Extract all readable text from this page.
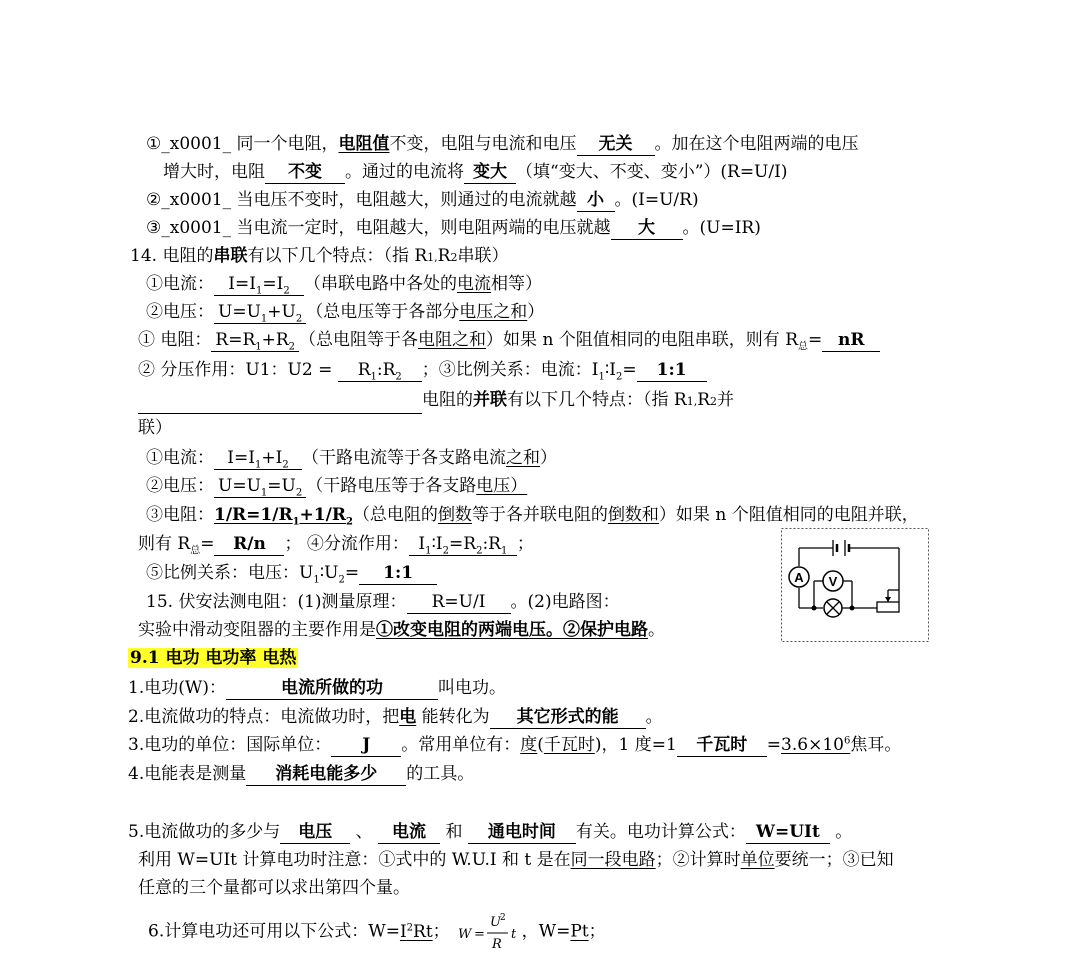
①_x0001_ 同一个电阻，电阻值不变，电阻与电流和电压 无关 。加在这个电阻两端的电压
增大时，电阻 不变 。通过的电流将 变大 （填“变大、不变、变小”）(R=U/I)
②_x0001_ 当电压不变时，电阻越大，则通过的电流就越 小 。(I=U/R)
③_x0001_ 当电流一定时，电阻越大，则电阻两端的电压就越 大 。(U=IR)
14. 电阻的串联有以下几个特点：（指 R1,R2串联）
①电流： $I=I_1=I_2$ （串联电路中各处的电流相等）
②电压： $U=U_1+U_2$ （总电压等于各部分电压之和）
① 电阻： $R=R_1+R_2$ （总电阻等于各电阻之和）如果 n 个阻值相同的电阻串联，则有 $R_总=$ nR
② 分压作用：U1：$U2 = R_1:R_2$ ；③比例关系：电流：$I_1∶I_2=$ 1:1
电阻的并联有以下几个特点：（指 R1,R2并
联）
①电流： $I=I_1+I_2$ （干路电流等于各支路电流之和）
②电压： $U=U_1=U_2$ （干路电压等于各支路电压）
③电阻：$1/R=1/R_1+1/R_2$（总电阻的倒数等于各并联电阻的倒数和）如果 n 个阻值相同的电阻并联，
则有 $R_总= R/n$ ； ④分流作用： $I_1∶I_2=R_2:R_1$ ；
⑤比例关系：电压：$U_1∶U_2=$ 1:1
15. 伏安法测电阻：(1)测量原理： R=U/I 。(2)电路图：
实验中滑动变阻器的主要作用是①改变电阻的两端电压。②保护电路。
A V
9.1 电功 电功率 电热
1.电功(W)：	电流所做的功	叫电功。
2.电流做功的特点：电流做功时，把电 能转化为 其它形式的能 。
3.电功的单位：国际单位： J 。常用单位有：度(千瓦时)，1 度=1 千瓦时 $=3.6\times 10^6$焦耳。
4.电能表是测量 消耗电能多少 的工具。
5.电流做功的多少与 电压 、 电流 和 通电时间 有关。电功计算公式： W=UIt 。
利用 W=UIt 计算电功时注意：①式中的 W.U.I 和 t 是在同一段电路；②计算时单位要统一；③已知
任意的三个量都可以求出第四个量。
6.计算电功还可用以下公式：$W=I^2Rt$； W =
U 2
R
t ，W=Pt；
